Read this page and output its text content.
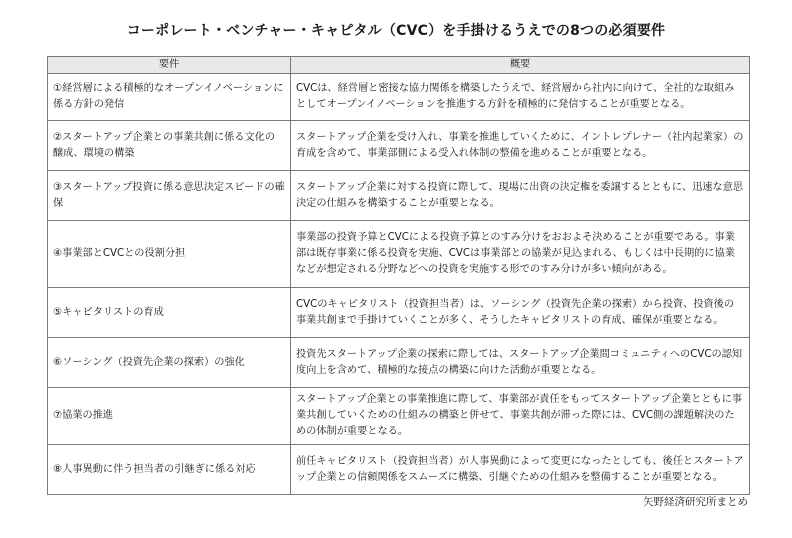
コーポレート・ベンチャー・キャピタル（CVC）を手掛けるうえでの8つの必須要件
要件	概要
①経営層による積極的なオープンイノベーションに係る方針の発信	CVCは、経営層と密接な協力関係を構築したうえで、経営層から社内に向けて、全社的な取組みとしてオープンイノベーションを推進する方針を積極的に発信することが重要となる。
②スタートアップ企業との事業共創に係る文化の醸成、環境の構築	スタートアップ企業を受け入れ、事業を推進していくために、イントレプレナー（社内起業家）の育成を含めて、事業部側による受入れ体制の整備を進めることが重要となる。
③スタートアップ投資に係る意思決定スピードの確保	スタートアップ企業に対する投資に際して、現場に出資の決定権を委譲するとともに、迅速な意思決定の仕組みを構築することが重要となる。
④事業部とCVCとの役割分担	事業部の投資予算とCVCによる投資予算とのすみ分けをおおよそ決めることが重要である。事業部は既存事業に係る投資を実施、CVCは事業部との協業が見込まれる、もしくは中長期的に協業などが想定される分野などへの投資を実施する形でのすみ分けが多い傾向がある。
⑤キャピタリストの育成	CVCのキャピタリスト（投資担当者）は、ソーシング（投資先企業の探索）から投資、投資後の事業共創まで手掛けていくことが多く、そうしたキャピタリストの育成、確保が重要となる。
⑥ソーシング（投資先企業の探索）の強化	投資先スタートアップ企業の探索に際しては、スタートアップ企業間コミュニティへのCVCの認知度向上を含めて、積極的な接点の構築に向けた活動が重要となる。
⑦協業の推進	スタートアップ企業との事業推進に際して、事業部が責任をもってスタートアップ企業とともに事業共創していくための仕組みの構築と併せて、事業共創が滞った際には、CVC側の課題解決のための体制が重要となる。
⑧人事異動に伴う担当者の引継ぎに係る対応	前任キャピタリスト（投資担当者）が人事異動によって変更になったとしても、後任とスタートアップ企業との信頼関係をスムーズに構築、引継ぐための仕組みを整備することが重要となる。
矢野経済研究所まとめ
